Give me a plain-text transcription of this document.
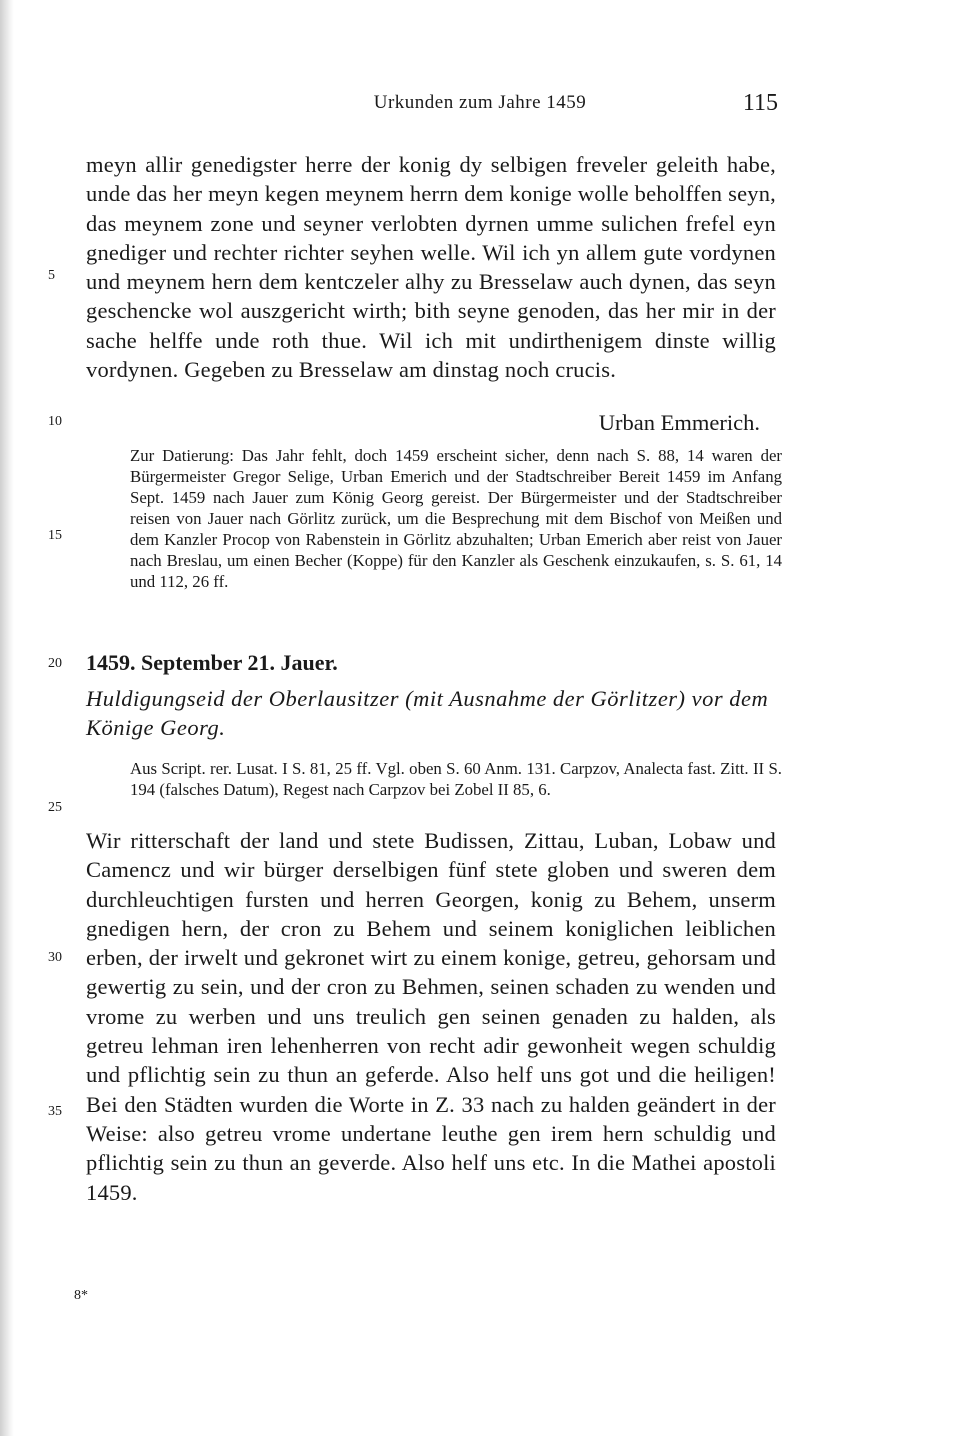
Urkunden zum Jahre 1459	115
5
10
15
20
25
30
35

meyn allir genedigster herre der konig dy selbigen freveler geleith habe, unde das her meyn kegen meynem herrn dem konige wolle beholffen seyn, das meynem zone und seyner verlobten dyrnen umme sulichen frefel eyn gnediger und rechter richter seyhen welle. Wil ich yn allem gute vordynen und meynem hern dem kentczeler alhy zu Bresselaw auch dynen, das seyn geschencke wol auszgericht wirth; bith seyne genoden, das her mir in der sache helffe unde roth thue. Wil ich mit undirthenigem dinste willig vordynen. Gegeben zu Bresselaw am dinstag noch crucis.

Urban Emmerich.
Zur Datierung: Das Jahr fehlt, doch 1459 erscheint sicher, denn nach S. 88, 14 waren der Bürgermeister Gregor Selige, Urban Emerich und der Stadtschreiber Bereit 1459 im Anfang Sept. 1459 nach Jauer zum König Georg gereist. Der Bürgermeister und der Stadtschreiber reisen von Jauer nach Görlitz zurück, um die Besprechung mit dem Bischof von Meißen und dem Kanzler Procop von Rabenstein in Görlitz abzuhalten; Urban Emerich aber reist von Jauer nach Breslau, um einen Becher (Koppe) für den Kanzler als Geschenk einzukaufen, s. S. 61, 14 und 112, 26 ff.
1459. September 21. Jauer.
Huldigungseid der Oberlausitzer (mit Ausnahme der Görlitzer) vor dem Könige Georg.
Aus Script. rer. Lusat. I S. 81, 25 ff. Vgl. oben S. 60 Anm. 131. Carpzov, Analecta fast. Zitt. II S. 194 (falsches Datum), Regest nach Carpzov bei Zobel II 85, 6.

Wir ritterschaft der land und stete Budissen, Zittau, Luban, Lobaw und Camencz und wir bürger derselbigen fünf stete globen und sweren dem durchleuchtigen fursten und herren Georgen, konig zu Behem, unserm gnedigen hern, der cron zu Behem und seinem koniglichen leiblichen erben, der irwelt und gekronet wirt zu einem konige, getreu, gehorsam und gewertig zu sein, und der cron zu Behmen, seinen schaden zu wenden und vrome zu werben und uns treulich gen seinen genaden zu halden, als getreu lehman iren lehenherren von recht adir gewonheit wegen schuldig und pflichtig sein zu thun an geferde. Also helf uns got und die heiligen! Bei den Städten wurden die Worte in Z. 33 nach zu halden geändert in der Weise: also getreu vrome undertane leuthe gen irem hern schuldig und pflichtig sein zu thun an geverde. Also helf uns etc. In die Mathei apostoli 1459.

8*
